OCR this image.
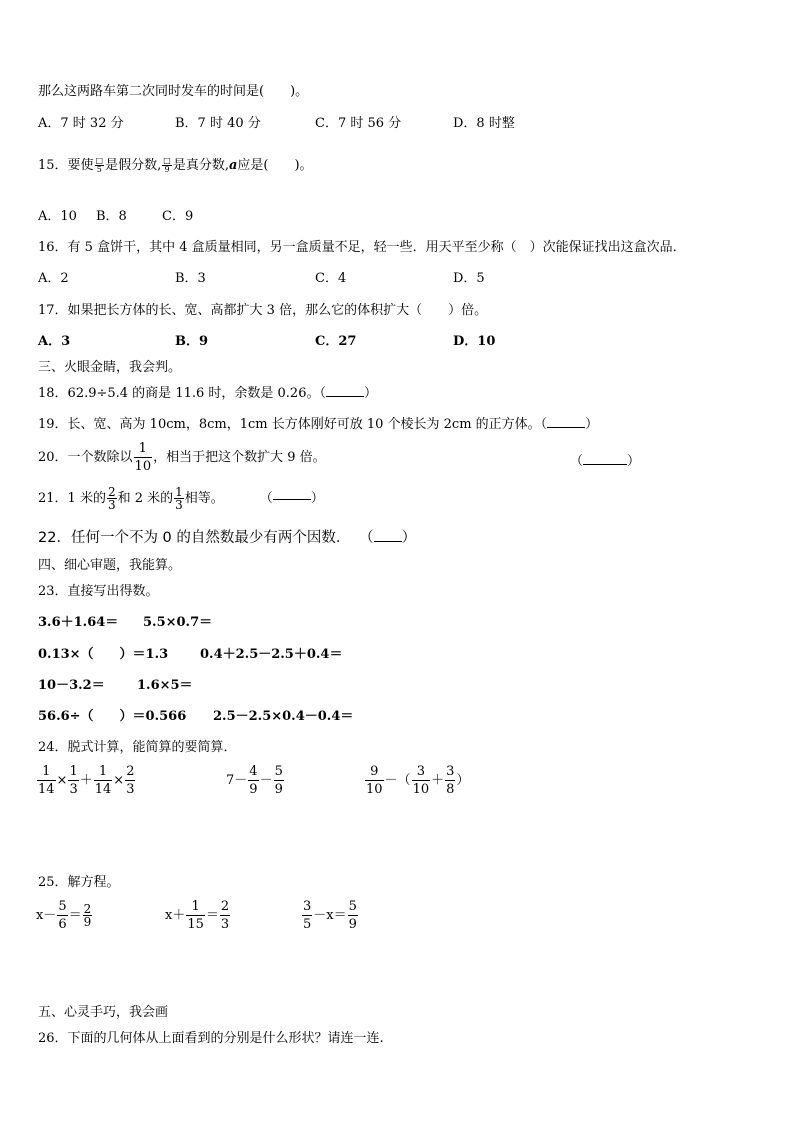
那么这两路车第二次同时发车的时间是(　　)。
A．7 时 32 分	B．7 时 40 分	C．7 时 56 分	D．8 时整
15．要使 $\frac{□}{5}$ 是假分数, $\frac{□}{9}$ 是真分数, a 应是(　　)。
A．10 B．8	C．9
16．有 5 盒饼干，其中 4 盒质量相同，另一盒质量不足，轻一些．用天平至少称（　）次能保证找出这盒次品．
A．2	B．3	C．4	D．5
17．如果把长方体的长、宽、高都扩大 3 倍，那么它的体积扩大（　　）倍。
A．3	B．9	C．27	D．10
三、火眼金睛，我会判。
18．62.9÷5.4 的商是 11.6 时，余数是 0.26。（	）
19．长、宽、高为 10cm，8cm，1cm 长方体刚好可放 10 个棱长为 2cm 的正方体。（	）
20．一个数除以 $\frac{1}{10}$ ，相当于把这个数扩大 9 倍。	（	）
21．1 米的 $\frac{2}{3}$ 和 2 米的 $\frac{1}{3}$ 相等。	（	）
22．任何一个不为 0 的自然数最少有两个因数． （ ）
四、细心审题，我能算。
23．直接写出得数。
3.6＋1.64＝ 5.5×0.7＝
0.13×（　　）＝1.3 0.4＋2.5－2.5＋0.4＝
10－3.2＝ 1.6×5＝
56.6÷（　　）＝0.566 2.5－2.5×0.4－0.4＝
24．脱式计算，能简算的要简算．
$\frac{1}{14} \times \frac{1}{3} + \frac{1}{14} \times \frac{2}{3}$	$7- \frac{4}{9} - \frac{5}{9}$	$\frac{9}{10}$ －（ $\frac{3}{10} + \frac{3}{8}$ ）
25．解方程。
$x- \frac{5}{6} = \frac{2}{9}$	$x+ \frac{1}{15} = \frac{2}{3}$	$\frac{3}{5} -x= \frac{5}{9}$
五、心灵手巧，我会画
26．下面的几何体从上面看到的分别是什么形状？请连一连.
